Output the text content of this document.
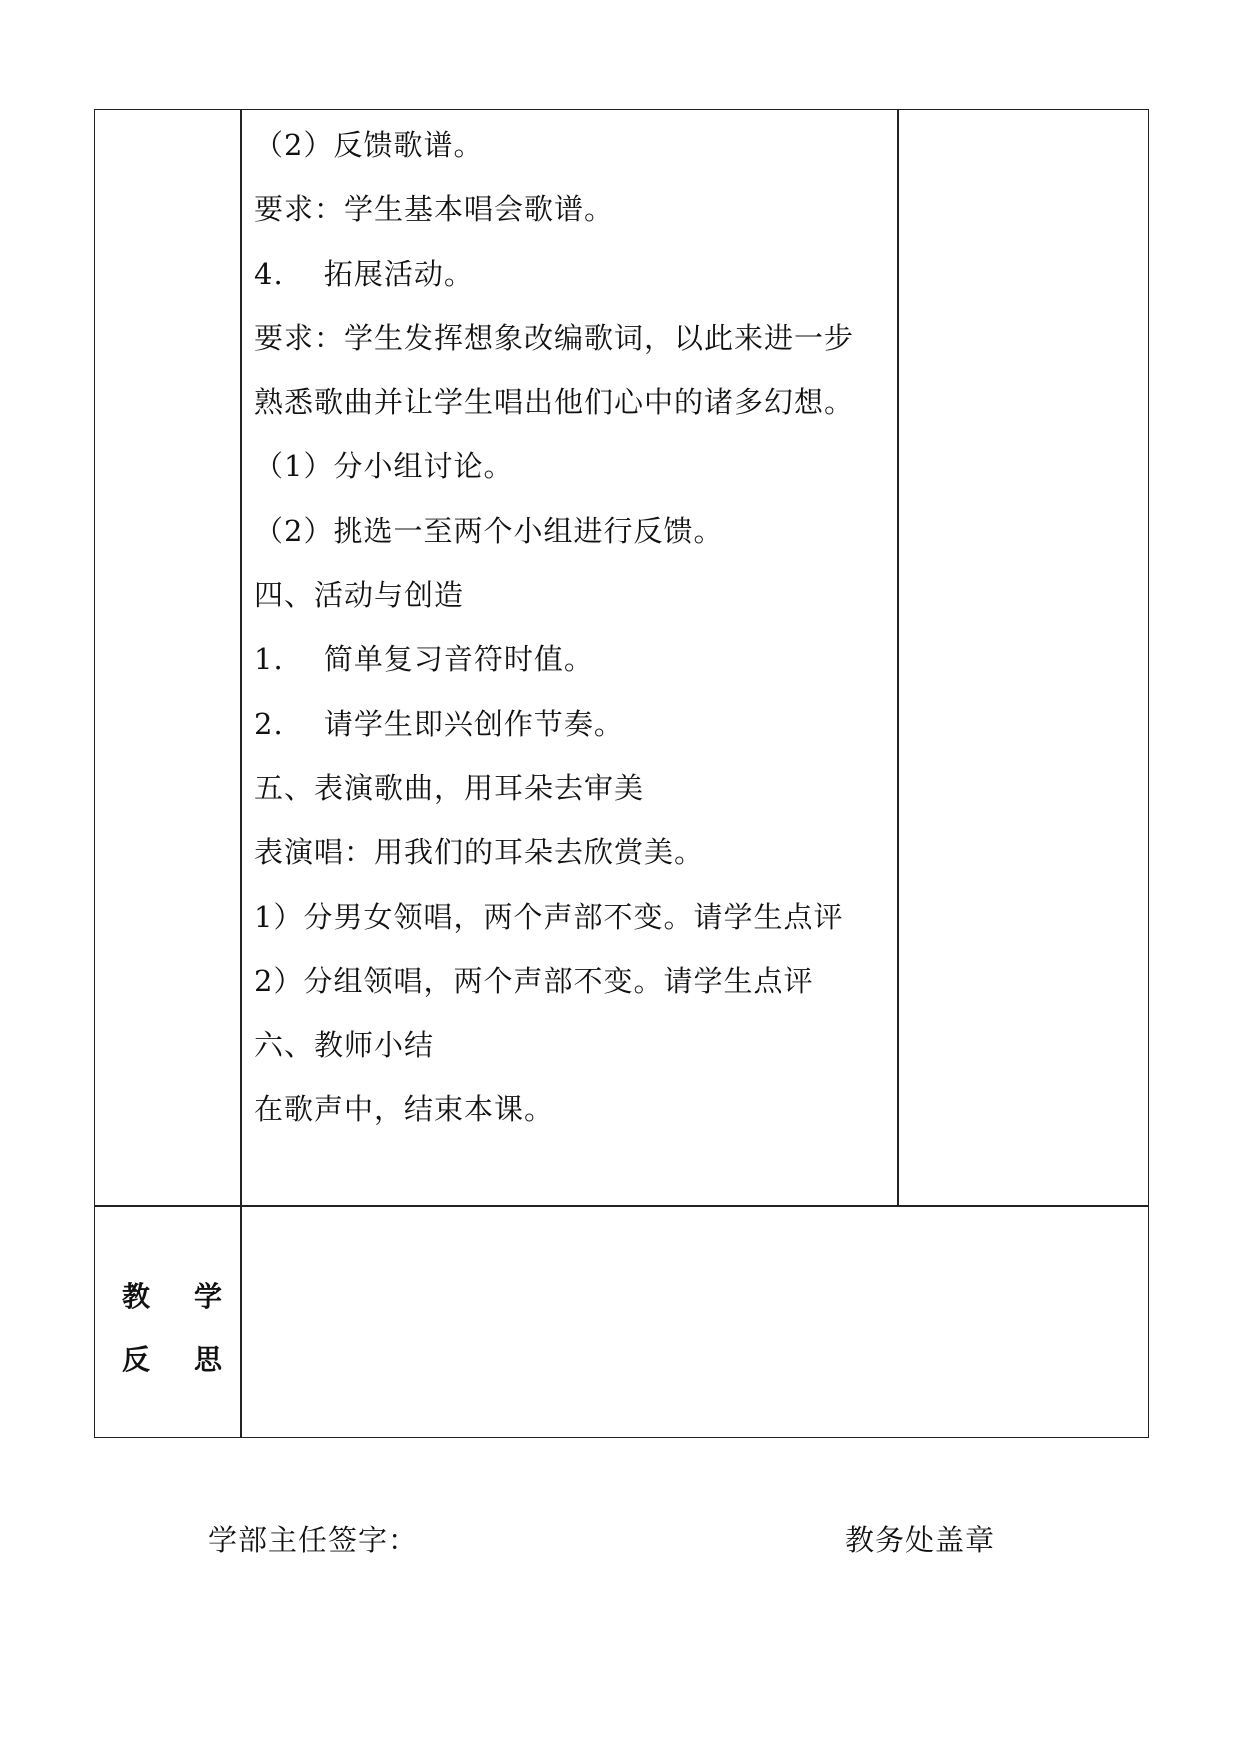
（2）反馈歌谱。
要求：学生基本唱会歌谱。
4.　 拓展活动。
要求：学生发挥想象改编歌词，以此来进一步
熟悉歌曲并让学生唱出他们心中的诸多幻想。
（1）分小组讨论。
（2）挑选一至两个小组进行反馈。
四、活动与创造
1.　 简单复习音符时值。
2.　 请学生即兴创作节奏。
五、表演歌曲，用耳朵去审美
表演唱：用我们的耳朵去欣赏美。
1）分男女领唱，两个声部不变。请学生点评
2）分组领唱，两个声部不变。请学生点评
六、教师小结
在歌声中，结束本课。
教 学
反 思
学部主任签字：	教务处盖章
